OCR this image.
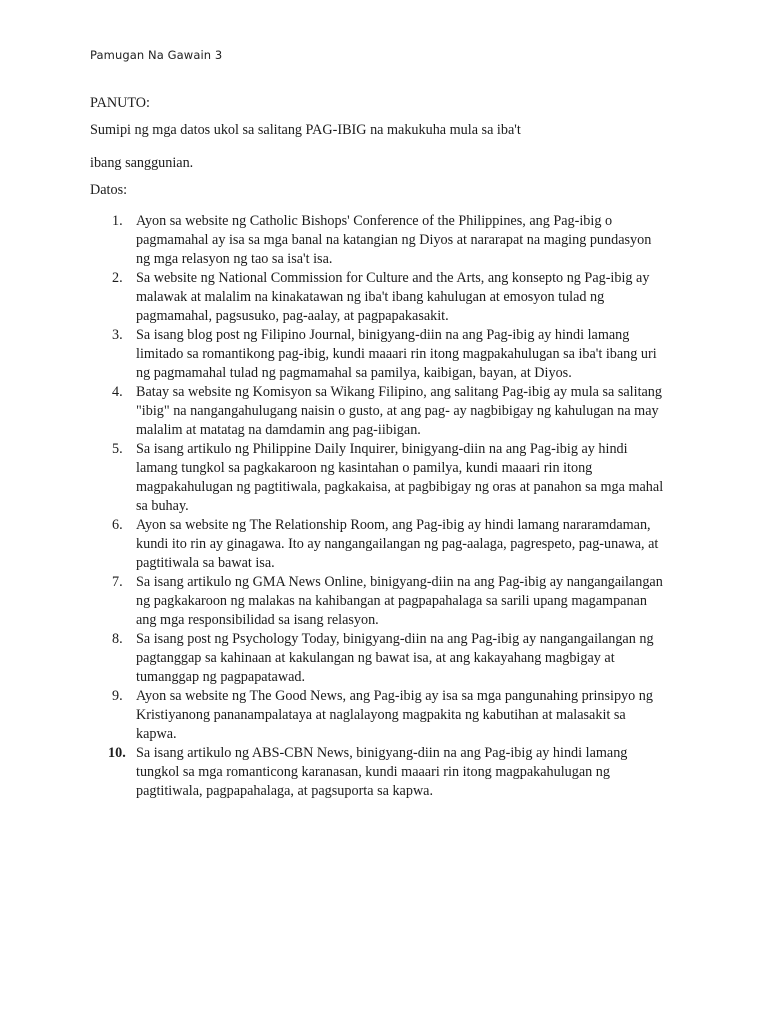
Pamugan Na Gawain 3
PANUTO:
Sumipi ng mga datos ukol sa salitang PAG-IBIG na makukuha mula sa iba't
ibang sanggunian.
Datos:
1. Ayon sa website ng Catholic Bishops' Conference of the Philippines, ang Pag-ibig o pagmamahal ay isa sa mga banal na katangian ng Diyos at nararapat na maging pundasyon ng mga relasyon ng tao sa isa't isa.
2. Sa website ng National Commission for Culture and the Arts, ang konsepto ng Pag-ibig ay malawak at malalim na kinakatawan ng iba't ibang kahulugan at emosyon tulad ng pagmamahal, pagsusuko, pag-aalay, at pagpapakasakit.
3. Sa isang blog post ng Filipino Journal, binigyang-diin na ang Pag-ibig ay hindi lamang limitado sa romantikong pag-ibig, kundi maaari rin itong magpakahulugan sa iba't ibang uri ng pagmamahal tulad ng pagmamahal sa pamilya, kaibigan, bayan, at Diyos.
4. Batay sa website ng Komisyon sa Wikang Filipino, ang salitang Pag-ibig ay mula sa salitang "ibig" na nangangahulugang naisin o gusto, at ang pag- ay nagbibigay ng kahulugan na may malalim at matatag na damdamin ang pag-iibigan.
5. Sa isang artikulo ng Philippine Daily Inquirer, binigyang-diin na ang Pag-ibig ay hindi lamang tungkol sa pagkakaroon ng kasintahan o pamilya, kundi maaari rin itong magpakahulugan ng pagtitiwala, pagkakaisa, at pagbibigay ng oras at panahon sa mga mahal sa buhay.
6. Ayon sa website ng The Relationship Room, ang Pag-ibig ay hindi lamang nararamdaman, kundi ito rin ay ginagawa. Ito ay nangangailangan ng pag-aalaga, pagrespeto, pag-unawa, at pagtitiwala sa bawat isa.
7. Sa isang artikulo ng GMA News Online, binigyang-diin na ang Pag-ibig ay nangangailangan ng pagkakaroon ng malakas na kahibangan at pagpapahalaga sa sarili upang magampanan ang mga responsibilidad sa isang relasyon.
8. Sa isang post ng Psychology Today, binigyang-diin na ang Pag-ibig ay nangangailangan ng pagtanggap sa kahinaan at kakulangan ng bawat isa, at ang kakayahang magbigay at tumanggap ng pagpapatawad.
9. Ayon sa website ng The Good News, ang Pag-ibig ay isa sa mga pangunahing prinsipyo ng Kristiyanong pananampalataya at naglalayong magpakita ng kabutihan at malasakit sa kapwa.
10. Sa isang artikulo ng ABS-CBN News, binigyang-diin na ang Pag-ibig ay hindi lamang tungkol sa mga romanticong karanasan, kundi maaari rin itong magpakahulugan ng pagtitiwala, pagpapahalaga, at pagsuporta sa kapwa.
